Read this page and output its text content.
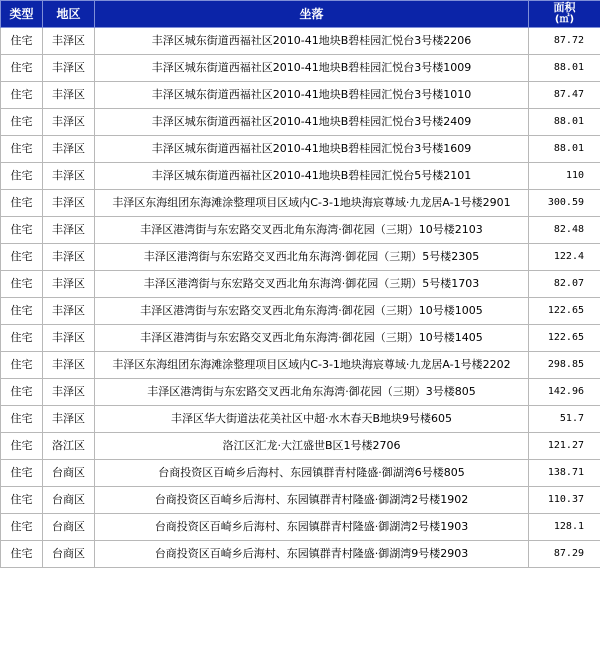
类型	地区	坐落	面积
(㎡)

住宅	丰泽区	丰泽区城东街道西福社区2010-41地块B碧桂园汇悦台3号楼2206	87.72
住宅	丰泽区	丰泽区城东街道西福社区2010-41地块B碧桂园汇悦台3号楼1009	88.01
住宅	丰泽区	丰泽区城东街道西福社区2010-41地块B碧桂园汇悦台3号楼1010	87.47
住宅	丰泽区	丰泽区城东街道西福社区2010-41地块B碧桂园汇悦台3号楼2409	88.01
住宅	丰泽区	丰泽区城东街道西福社区2010-41地块B碧桂园汇悦台3号楼1609	88.01
住宅	丰泽区	丰泽区城东街道西福社区2010-41地块B碧桂园汇悦台5号楼2101	110
住宅	丰泽区	丰泽区东海组团东海滩涂整理项目区域内C-3-1地块海宸尊域·九龙居A-1号楼2901	300.59
住宅	丰泽区	丰泽区港湾街与东宏路交叉西北角东海湾·御花园（三期）10号楼2103	82.48
住宅	丰泽区	丰泽区港湾街与东宏路交叉西北角东海湾·御花园（三期）5号楼2305	122.4
住宅	丰泽区	丰泽区港湾街与东宏路交叉西北角东海湾·御花园（三期）5号楼1703	82.07
住宅	丰泽区	丰泽区港湾街与东宏路交叉西北角东海湾·御花园（三期）10号楼1005	122.65
住宅	丰泽区	丰泽区港湾街与东宏路交叉西北角东海湾·御花园（三期）10号楼1405	122.65
住宅	丰泽区	丰泽区东海组团东海滩涂整理项目区域内C-3-1地块海宸尊域·九龙居A-1号楼2202	298.85
住宅	丰泽区	丰泽区港湾街与东宏路交叉西北角东海湾·御花园（三期）3号楼805	142.96
住宅	丰泽区	丰泽区华大街道法花美社区中超·水木春天B地块9号楼605	51.7
住宅	洛江区	洛江区汇龙·大江盛世B区1号楼2706	121.27
住宅	台商区	台商投资区百崎乡后海村、东园镇群青村隆盛·御湖湾6号楼805	138.71
住宅	台商区	台商投资区百崎乡后海村、东园镇群青村隆盛·御湖湾2号楼1902	110.37
住宅	台商区	台商投资区百崎乡后海村、东园镇群青村隆盛·御湖湾2号楼1903	128.1
住宅	台商区	台商投资区百崎乡后海村、东园镇群青村隆盛·御湖湾9号楼2903	87.29
